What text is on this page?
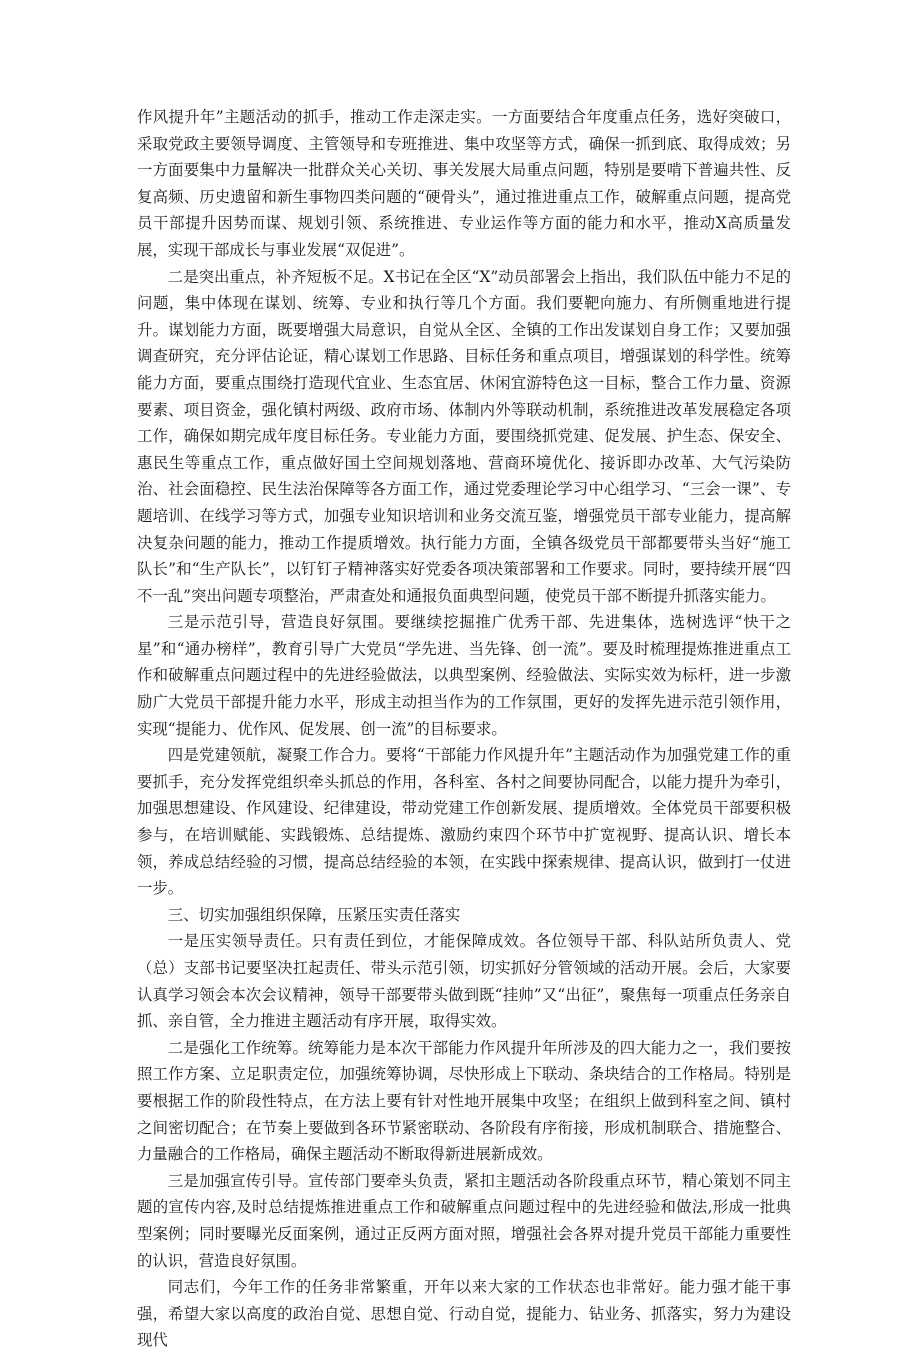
作风提升年”主题活动的抓手，推动工作走深走实。一方面要结合年度重点任务，选好突破口，采取党政主要领导调度、主管领导和专班推进、集中攻坚等方式，确保一抓到底、取得成效；另一方面要集中力量解决一批群众关心关切、事关发展大局重点问题，特别是要啃下普遍共性、反复高频、历史遗留和新生事物四类问题的“硬骨头”，通过推进重点工作，破解重点问题，提高党员干部提升因势而谋、规划引领、系统推进、专业运作等方面的能力和水平，推动X高质量发展，实现干部成长与事业发展“双促进”。

二是突出重点，补齐短板不足。X书记在全区“X”动员部署会上指出，我们队伍中能力不足的问题，集中体现在谋划、统筹、专业和执行等几个方面。我们要靶向施力、有所侧重地进行提升。谋划能力方面，既要增强大局意识，自觉从全区、全镇的工作出发谋划自身工作；又要加强调查研究，充分评估论证，精心谋划工作思路、目标任务和重点项目，增强谋划的科学性。统筹能力方面，要重点围绕打造现代宜业、生态宜居、休闲宜游特色这一目标，整合工作力量、资源要素、项目资金，强化镇村两级、政府市场、体制内外等联动机制，系统推进改革发展稳定各项工作，确保如期完成年度目标任务。专业能力方面，要围绕抓党建、促发展、护生态、保安全、惠民生等重点工作，重点做好国土空间规划落地、营商环境优化、接诉即办改革、大气污染防治、社会面稳控、民生法治保障等各方面工作，通过党委理论学习中心组学习、“三会一课”、专题培训、在线学习等方式，加强专业知识培训和业务交流互鉴，增强党员干部专业能力，提高解决复杂问题的能力，推动工作提质增效。执行能力方面，全镇各级党员干部都要带头当好“施工队长”和“生产队长”，以钉钉子精神落实好党委各项决策部署和工作要求。同时，要持续开展“四不一乱”突出问题专项整治，严肃查处和通报负面典型问题，使党员干部不断提升抓落实能力。

三是示范引导，营造良好氛围。要继续挖掘推广优秀干部、先进集体，选树选评“快干之星”和“通办榜样”，教育引导广大党员“学先进、当先锋、创一流”。要及时梳理提炼推进重点工作和破解重点问题过程中的先进经验做法，以典型案例、经验做法、实际实效为标杆，进一步激励广大党员干部提升能力水平，形成主动担当作为的工作氛围，更好的发挥先进示范引领作用，实现“提能力、优作风、促发展、创一流”的目标要求。

四是党建领航，凝聚工作合力。要将“干部能力作风提升年”主题活动作为加强党建工作的重要抓手，充分发挥党组织牵头抓总的作用，各科室、各村之间要协同配合，以能力提升为牵引，加强思想建设、作风建设、纪律建设，带动党建工作创新发展、提质增效。全体党员干部要积极参与，在培训赋能、实践锻炼、总结提炼、激励约束四个环节中扩宽视野、提高认识、增长本领，养成总结经验的习惯，提高总结经验的本领，在实践中探索规律、提高认识，做到打一仗进一步。

三、切实加强组织保障，压紧压实责任落实

一是压实领导责任。只有责任到位，才能保障成效。各位领导干部、科队站所负责人、党（总）支部书记要坚决扛起责任、带头示范引领，切实抓好分管领域的活动开展。会后，大家要认真学习领会本次会议精神，领导干部要带头做到既“挂帅”又“出征”，聚焦每一项重点任务亲自抓、亲自管，全力推进主题活动有序开展，取得实效。

二是强化工作统筹。统筹能力是本次干部能力作风提升年所涉及的四大能力之一，我们要按照工作方案、立足职责定位，加强统筹协调，尽快形成上下联动、条块结合的工作格局。特别是要根据工作的阶段性特点，在方法上要有针对性地开展集中攻坚；在组织上做到科室之间、镇村之间密切配合；在节奏上要做到各环节紧密联动、各阶段有序衔接，形成机制联合、措施整合、力量融合的工作格局，确保主题活动不断取得新进展新成效。

三是加强宣传引导。宣传部门要牵头负责，紧扣主题活动各阶段重点环节，精心策划不同主题的宣传内容,及时总结提炼推进重点工作和破解重点问题过程中的先进经验和做法,形成一批典型案例；同时要曝光反面案例，通过正反两方面对照，增强社会各界对提升党员干部能力重要性的认识，营造良好氛围。

同志们，今年工作的任务非常繁重，开年以来大家的工作状态也非常好。能力强才能干事强，希望大家以高度的政治自觉、思想自觉、行动自觉，提能力、钻业务、抓落实，努力为建设现代
